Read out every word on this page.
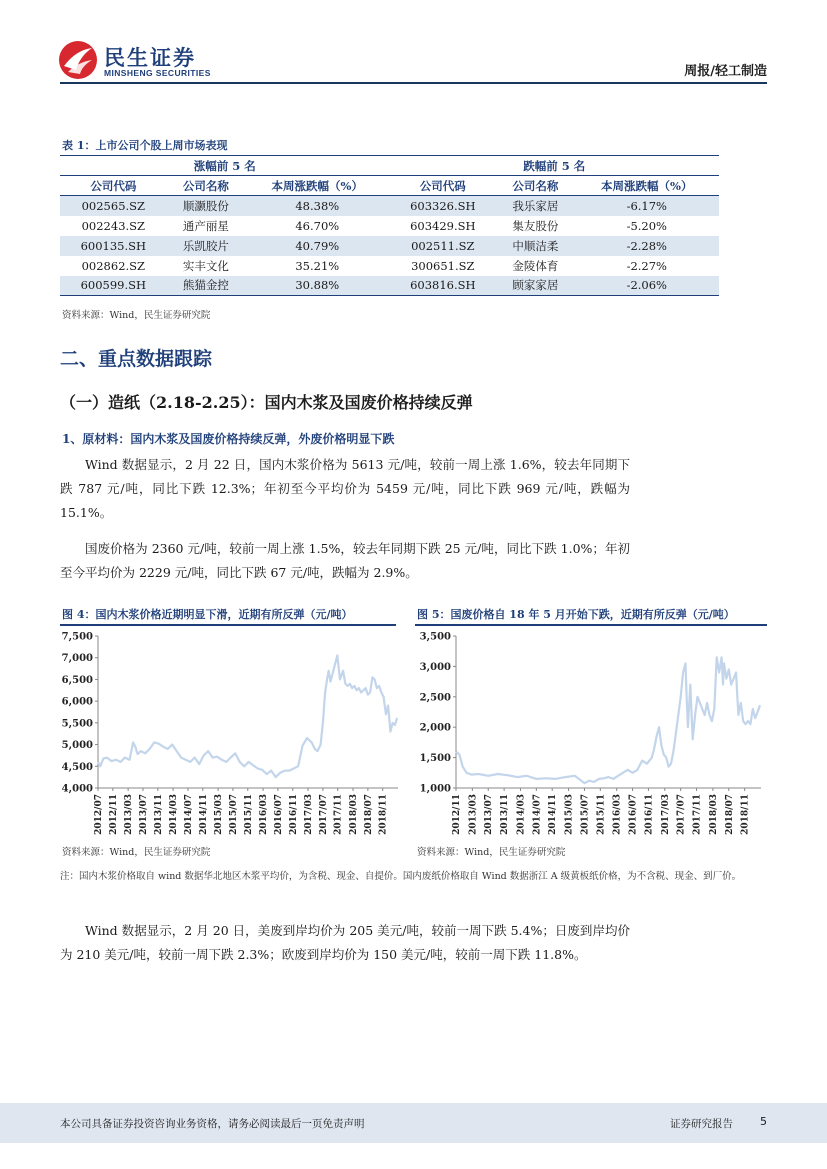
民生证券
MINSHENG SECURITIES	周报/轻工制造
表 1：上市公司个股上周市场表现
涨幅前 5 名			跌幅前 5 名		
公司代码	公司名称	本周涨跌幅（%）	公司代码	公司名称	本周涨跌幅（%）
002565.SZ	顺灏股份	48.38%	603326.SH	我乐家居	-6.17%
002243.SZ	通产丽星	46.70%	603429.SH	集友股份	-5.20%
600135.SH	乐凯胶片	40.79%	002511.SZ	中顺洁柔	-2.28%
002862.SZ	实丰文化	35.21%	300651.SZ	金陵体育	-2.27%
600599.SH	熊猫金控	30.88%	603816.SH	顾家家居	-2.06%
资料来源：Wind，民生证券研究院
二、重点数据跟踪
（一）造纸（2.18-2.25）：国内木浆及国废价格持续反弹
1、原材料：国内木浆及国废价格持续反弹，外废价格明显下跌

Wind 数据显示，2 月 22 日，国内木浆价格为 5613 元/吨，较前一周上涨 1.6%，较去年同期下跌 787 元/吨，同比下跌 12.3%；年初至今平均价为 5459 元/吨，同比下跌 969 元/吨，跌幅为 15.1%。

国废价格为 2360 元/吨，较前一周上涨 1.5%，较去年同期下跌 25 元/吨，同比下跌 1.0%；年初至今平均价为 2229 元/吨，同比下跌 67 元/吨，跌幅为 2.9%。

图 4：国内木浆价格近期明显下滑，近期有所反弹（元/吨）
4,000
4,500
5,000
5,500
6,000
6,500
7,000
7,500
2012/07 2012/11 2013/03 2013/07 2013/11 2014/03 2014/07 2014/11 2015/03 2015/07 2015/11 2016/03 2016/07 2016/11 2017/03 2017/07 2017/11 2018/03 2018/07 2018/11
资料来源：Wind，民生证券研究院
图 5：国废价格自 18 年 5 月开始下跌，近期有所反弹（元/吨）
1,000
1,500
2,000
2,500
3,000
3,500
2012/11 2013/03 2013/07 2013/11 2014/03 2014/07 2014/11 2015/03 2015/07 2015/11 2016/03 2016/07 2016/11 2017/03 2017/07 2017/11 2018/03 2018/07 2018/11
资料来源：Wind，民生证券研究院

注：国内木浆价格取自 wind 数据华北地区木浆平均价，为含税、现金、自提价。国内废纸价格取自 Wind 数据浙江 A 级黄板纸价格，为不含税、现金、到厂价。

Wind 数据显示，2 月 20 日，美废到岸均价为 205 美元/吨，较前一周下跌 5.4%；日废到岸均价为 210 美元/吨，较前一周下跌 2.3%；欧废到岸均价为 150 美元/吨，较前一周下跌 11.8%。

本公司具备证券投资咨询业务资格，请务必阅读最后一页免责声明	证券研究报告 5
